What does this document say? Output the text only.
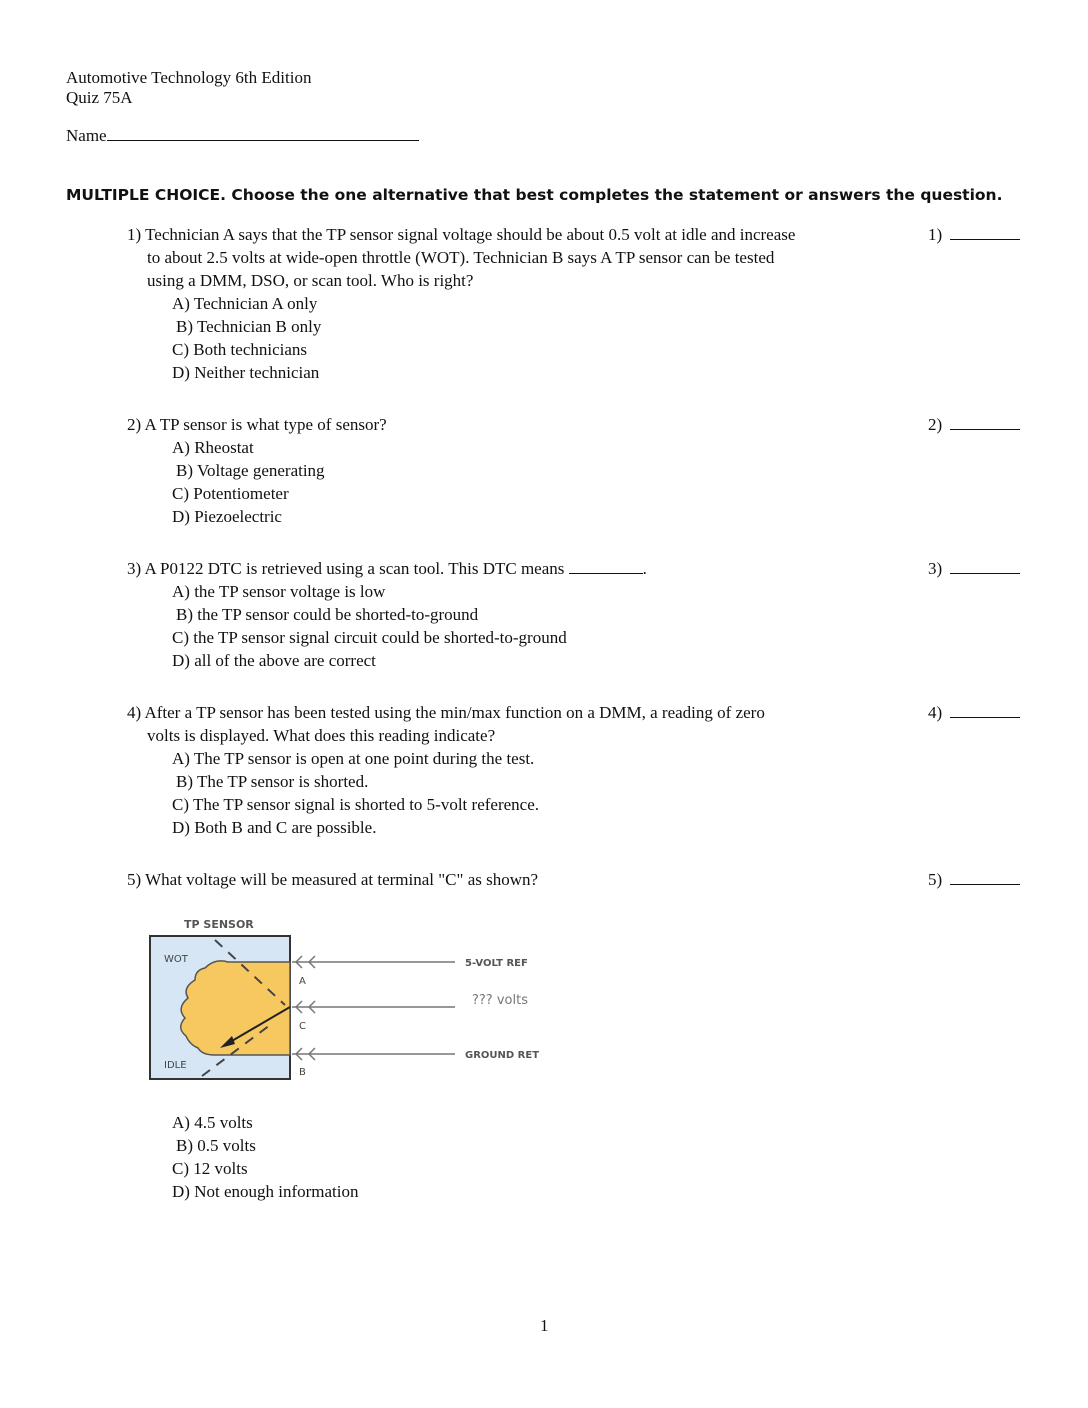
Automotive Technology 6th Edition
Quiz 75A
Name
MULTIPLE CHOICE. Choose the one alternative that best completes the statement or answers the question.
1) Technician A says that the TP sensor signal voltage should be about 0.5 volt at idle and increase
to about 2.5 volts at wide-open throttle (WOT). Technician B says A TP sensor can be tested
using a DMM, DSO, or scan tool. Who is right?
A) Technician A only
B) Technician B only
C) Both technicians
D) Neither technician
2) A TP sensor is what type of sensor?
A) Rheostat
B) Voltage generating
C) Potentiometer
D) Piezoelectric
3) A P0122 DTC is retrieved using a scan tool. This DTC means	.
A) the TP sensor voltage is low
B) the TP sensor could be shorted-to-ground
C) the TP sensor signal circuit could be shorted-to-ground
D) all of the above are correct
4) After a TP sensor has been tested using the min/max function on a DMM, a reading of zero
volts is displayed. What does this reading indicate?
A) The TP sensor is open at one point during the test.
B) The TP sensor is shorted.
C) The TP sensor signal is shorted to 5-volt reference.
D) Both B and C are possible.
5) What voltage will be measured at terminal "C" as shown?
A) 4.5 volts
B) 0.5 volts
C) 12 volts
D) Not enough information
TP SENSOR
WOT
IDLE
A
C
B
5-VOLT REF
??? volts
GROUND RET
1
1)
2)
3)
4)
5)
